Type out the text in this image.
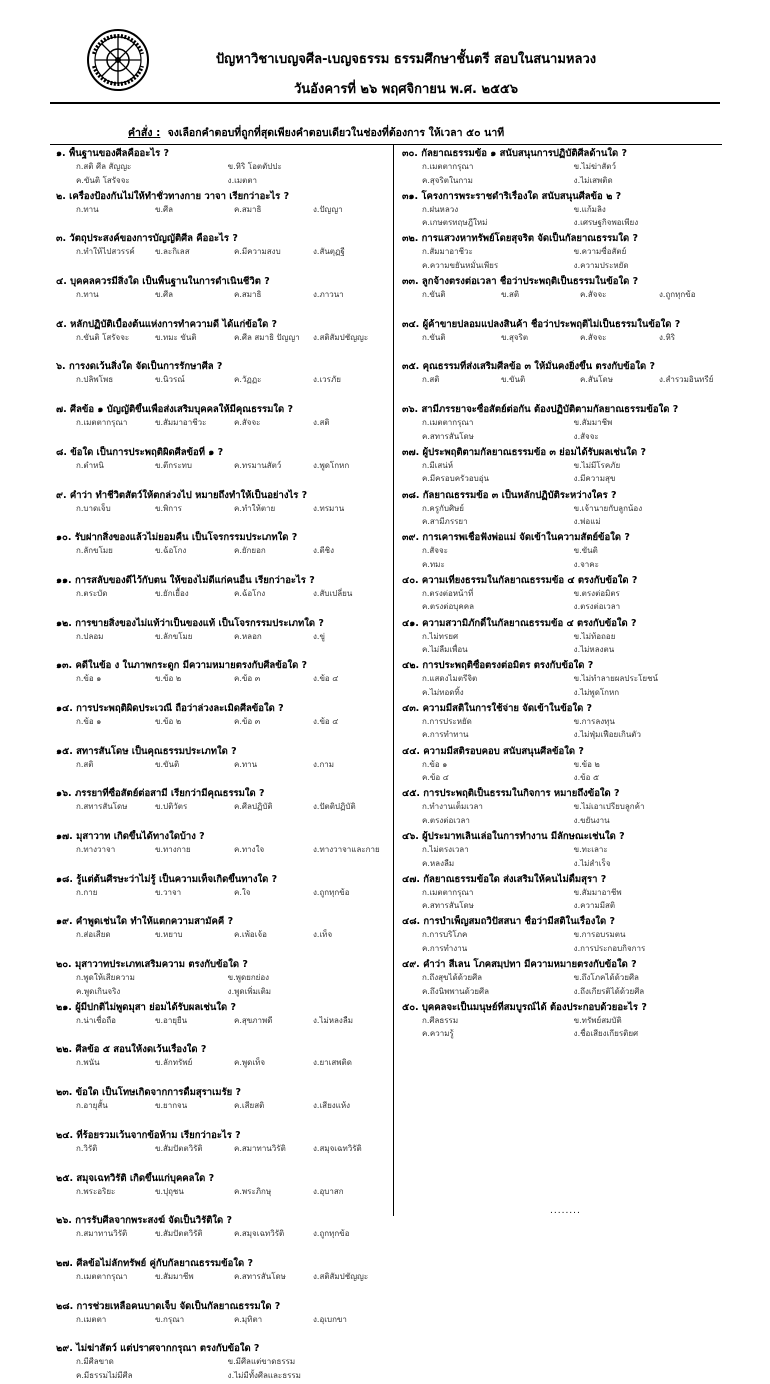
ปัญหาวิชาเบญจศีล-เบญจธรรม ธรรมศึกษาชั้นตรี สอบในสนามหลวง
วันอังคารที่ ๒๖ พฤศจิกายน พ.ศ. ๒๕๕๖
คำสั่ง : จงเลือกคำตอบที่ถูกที่สุดเพียงคำตอบเดียวในช่องที่ต้องการ ให้เวลา ๕๐ นาที
๑. พื้นฐานของศีลคืออะไร ?
ก.สติ ศีล สัญญะ	ข.หิริ โอตตัปปะ
ค.ขันติ โสรัจจะ	ง.เมตตา
๒. เครื่องป้องกันไม่ให้ทำชั่วทางกาย วาจา เรียกว่าอะไร ?
ก.ทาน	ข.ศีล	ค.สมาธิ	ง.ปัญญา
๓. วัตถุประสงค์ของการบัญญัติศีล คืออะไร ?
ก.ทำให้ไปสวรรค์	ข.ละกิเลส	ค.มีความสงบ	ง.สันตุฏฐี
๔. บุคคลควรมีสิ่งใด เป็นพื้นฐานในการดำเนินชีวิต ?
ก.ทาน	ข.ศีล	ค.สมาธิ	ง.ภาวนา
๕. หลักปฏิบัติเบื้องต้นแห่งการทำความดี ได้แก่ข้อใด ?
ก.ขันติ โสรัจจะ	ข.ทมะ ขันติ	ค.ศีล สมาธิ ปัญญา	ง.สติสัมปชัญญะ
๖. การงดเว้นสิ่งใด จัดเป็นการรักษาศีล ?
ก.ปลิพโพธ	ข.นิวรณ์	ค.วัฏฏะ	ง.เวรภัย
๗. ศีลข้อ ๑ บัญญัติขึ้นเพื่อส่งเสริมบุคคลให้มีคุณธรรมใด ?
ก.เมตตากรุณา	ข.สัมมาอาชีวะ	ค.สัจจะ	ง.สติ
๘. ข้อใด เป็นการประพฤติผิดศีลข้อที่ ๑ ?
ก.ตำหนิ	ข.ตีกระทบ	ค.ทรมานสัตว์	ง.พูดโกหก
๙. คำว่า ทำชีวิตสัตว์ให้ตกล่วงไป หมายถึงทำให้เป็นอย่างไร ?
ก.บาดเจ็บ	ข.พิการ	ค.ทำให้ตาย	ง.ทรมาน
๑๐. รับฝากสิ่งของแล้วไม่ยอมคืน เป็นโจรกรรมประเภทใด ?
ก.ลักขโมย	ข.ฉ้อโกง	ค.ยักยอก	ง.ตีชิง
๑๑. การสลับของดีไว้กับตน ให้ของไม่ดีแก่คนอื่น เรียกว่าอะไร ?
ก.ตระบัด	ข.ยักเยื้อง	ค.ฉ้อโกง	ง.สับเปลี่ยน
๑๒. การขายสิ่งของไม่แท้ว่าเป็นของแท้ เป็นโจรกรรมประเภทใด ?
ก.ปลอม	ข.ลักขโมย	ค.หลอก	ง.ขู่
๑๓. คดีในข้อ ง ในภาพกระดูก มีความหมายตรงกับศีลข้อใด ?
ก.ข้อ ๑	ข.ข้อ ๒	ค.ข้อ ๓	ง.ข้อ ๔
๑๔. การประพฤติผิดประเวณี ถือว่าล่วงละเมิดศีลข้อใด ?
ก.ข้อ ๑	ข.ข้อ ๒	ค.ข้อ ๓	ง.ข้อ ๔
๑๕. สทารสันโดษ เป็นคุณธรรมประเภทใด ?
ก.สติ	ข.ขันติ	ค.ทาน	ง.กาม
๑๖. ภรรยาที่ซื่อสัตย์ต่อสามี เรียกว่ามีคุณธรรมใด ?
ก.สทารสันโดษ	ข.ปติวัตร	ค.ศีลปฏิบัติ	ง.ปัตติปฏิบัติ
๑๗. มุสาวาท เกิดขึ้นได้ทางใดบ้าง ?
ก.ทางวาจา	ข.ทางกาย	ค.ทางใจ	ง.ทางวาจาและกาย
๑๘. รู้แต่ต้นศีรษะว่าไม่รู้ เป็นความเท็จเกิดขึ้นทางใด ?
ก.กาย	ข.วาจา	ค.ใจ	ง.ถูกทุกข้อ
๑๙. คำพูดเช่นใด ทำให้แตกความสามัคคี ?
ก.ส่อเสียด	ข.หยาบ	ค.เพ้อเจ้อ	ง.เท็จ
๒๐. มุสาวาทประเภทเสริมความ ตรงกับข้อใด ?
ก.พูดให้เสียความ	ข.พูดยกย่อง
ค.พูดเกินจริง	ง.พูดเพิ่มเติม
๒๑. ผู้มีปกติไม่พูดมุสา ย่อมได้รับผลเช่นใด ?
ก.น่าเชื่อถือ	ข.อายุยืน	ค.สุขภาพดี	ง.ไม่หลงลืม
๒๒. ศีลข้อ ๕ สอนให้งดเว้นเรื่องใด ?
ก.พนัน	ข.ลักทรัพย์	ค.พูดเท็จ	ง.ยาเสพติด
๒๓. ข้อใด เป็นโทษเกิดจากการดื่มสุราเมรัย ?
ก.อายุสั้น	ข.ยากจน	ค.เสียสติ	ง.เสียงแห้ง
๒๔. ที่ร้อยรวมเว้นจากข้อห้าม เรียกว่าอะไร ?
ก.วิรัติ	ข.สัมปัตตวิรัติ	ค.สมาทานวิรัติ	ง.สมุจเฉทวิรัติ
๒๕. สมุจเฉทวิรัติ เกิดขึ้นแก่บุคคลใด ?
ก.พระอริยะ	ข.ปุถุชน	ค.พระภิกษุ	ง.อุบาสก
๒๖. การรับศีลจากพระสงฆ์ จัดเป็นวิรัติใด ?
ก.สมาทานวิรัติ	ข.สัมปัตตวิรัติ	ค.สมุจเฉทวิรัติ	ง.ถูกทุกข้อ
๒๗. ศีลข้อไม่ลักทรัพย์ คู่กับกัลยาณธรรมข้อใด ?
ก.เมตตากรุณา	ข.สัมมาชีพ	ค.สทารสันโดษ	ง.สติสัมปชัญญะ
๒๘. การช่วยเหลือคนบาดเจ็บ จัดเป็นกัลยาณธรรมใด ?
ก.เมตตา	ข.กรุณา	ค.มุทิตา	ง.อุเบกขา
๒๙. ไม่ฆ่าสัตว์ แต่ปราศจากกรุณา ตรงกับข้อใด ?
ก.มีศีลขาด	ข.มีศีลแต่ขาดธรรม
ค.มีธรรมไม่มีศีล	ง.ไม่มีทั้งศีลและธรรม
๓๐. กัลยาณธรรมข้อ ๑ สนับสนุนการปฏิบัติศีลด้านใด ?
ก.เมตตากรุณา	ข.ไม่ฆ่าสัตว์
ค.สุจริตในกาม	ง.ไม่เสพติด
๓๑. โครงการพระราชดำริเรื่องใด สนับสนุนศีลข้อ ๒ ?
ก.ฝนหลวง	ข.แก้มลิง
ค.เกษตรทฤษฎีใหม่	ง.เศรษฐกิจพอเพียง
๓๒. การแสวงหาทรัพย์โดยสุจริต จัดเป็นกัลยาณธรรมใด ?
ก.สัมมาอาชีวะ	ข.ความซื่อสัตย์
ค.ความขยันหมั่นเพียร	ง.ความประหยัด
๓๓. ลูกจ้างตรงต่อเวลา ชื่อว่าประพฤติเป็นธรรมในข้อใด ?
ก.ขันติ	ข.สติ	ค.สัจจะ	ง.ถูกทุกข้อ
๓๔. ผู้ค้าขายปลอมแปลงสินค้า ชื่อว่าประพฤติไม่เป็นธรรมในข้อใด ?
ก.ขันติ	ข.สุจริต	ค.สัจจะ	ง.หิริ
๓๕. คุณธรรมที่ส่งเสริมศีลข้อ ๓ ให้มั่นคงยิ่งขึ้น ตรงกับข้อใด ?
ก.สติ	ข.ขันติ	ค.สันโดษ	ง.สำรวมอินทรีย์
๓๖. สามีภรรยาจะซื่อสัตย์ต่อกัน ต้องปฏิบัติตามกัลยาณธรรมข้อใด ?
ก.เมตตากรุณา	ข.สัมมาชีพ
ค.สทารสันโดษ	ง.สัจจะ
๓๗. ผู้ประพฤติตามกัลยาณธรรมข้อ ๓ ย่อมได้รับผลเช่นใด ?
ก.มีเสน่ห์	ข.ไม่มีโรคภัย
ค.มีครอบครัวอบอุ่น	ง.มีความสุข
๓๘. กัลยาณธรรมข้อ ๓ เป็นหลักปฏิบัติระหว่างใคร ?
ก.ครูกับศิษย์	ข.เจ้านายกับลูกน้อง
ค.สามีภรรยา	ง.พ่อแม่
๓๙. การเคารพเชื่อฟังพ่อแม่ จัดเข้าในความสัตย์ข้อใด ?
ก.สัจจะ	ข.ขันติ
ค.ทมะ	ง.จาคะ
๔๐. ความเที่ยงธรรมในกัลยาณธรรมข้อ ๔ ตรงกับข้อใด ?
ก.ตรงต่อหน้าที่	ข.ตรงต่อมิตร
ค.ตรงต่อบุคคล	ง.ตรงต่อเวลา
๔๑. ความสวามิภักดิ์ในกัลยาณธรรมข้อ ๔ ตรงกับข้อใด ?
ก.ไม่ทรยศ	ข.ไม่ท้อถอย
ค.ไม่ลืมเพื่อน	ง.ไม่หลงตน
๔๒. การประพฤติซื่อตรงต่อมิตร ตรงกับข้อใด ?
ก.แสดงไมตรีจิต	ข.ไม่ทำลายผลประโยชน์
ค.ไม่ทอดทิ้ง	ง.ไม่พูดโกหก
๔๓. ความมีสติในการใช้จ่าย จัดเข้าในข้อใด ?
ก.การประหยัด	ข.การลงทุน
ค.การทำทาน	ง.ไม่ฟุ่มเฟือยเกินตัว
๔๔. ความมีสติรอบคอบ สนับสนุนศีลข้อใด ?
ก.ข้อ ๑	ข.ข้อ ๒
ค.ข้อ ๔	ง.ข้อ ๕
๔๕. การประพฤติเป็นธรรมในกิจการ หมายถึงข้อใด ?
ก.ทำงานเต็มเวลา	ข.ไม่เอาเปรียบลูกค้า
ค.ตรงต่อเวลา	ง.ขยันงาน
๔๖. ผู้ประมาทเลินเล่อในการทำงาน มีลักษณะเช่นใด ?
ก.ไม่ตรงเวลา	ข.ทะเลาะ
ค.หลงลืม	ง.ไม่สำเร็จ
๔๗. กัลยาณธรรมข้อใด ส่งเสริมให้คนไม่ดื่มสุรา ?
ก.เมตตากรุณา	ข.สัมมาอาชีพ
ค.สทารสันโดษ	ง.ความมีสติ
๔๘. การบำเพ็ญสมถวิปัสสนา ชื่อว่ามีสติในเรื่องใด ?
ก.การบริโภค	ข.การอบรมตน
ค.การทำงาน	ง.การประกอบกิจการ
๔๙. คำว่า สีเลน โภคสมฺปทา มีความหมายตรงกับข้อใด ?
ก.ถึงสุขได้ด้วยศีล	ข.ถึงโภคได้ด้วยศีล
ค.ถึงนิพพานด้วยศีล	ง.ถึงเกียรติได้ด้วยศีล
๕๐. บุคคลจะเป็นมนุษย์ที่สมบูรณ์ได้ ต้องประกอบด้วยอะไร ?
ก.ศีลธรรม	ข.ทรัพย์สมบัติ
ค.ความรู้	ง.ชื่อเสียงเกียรติยศ
........
